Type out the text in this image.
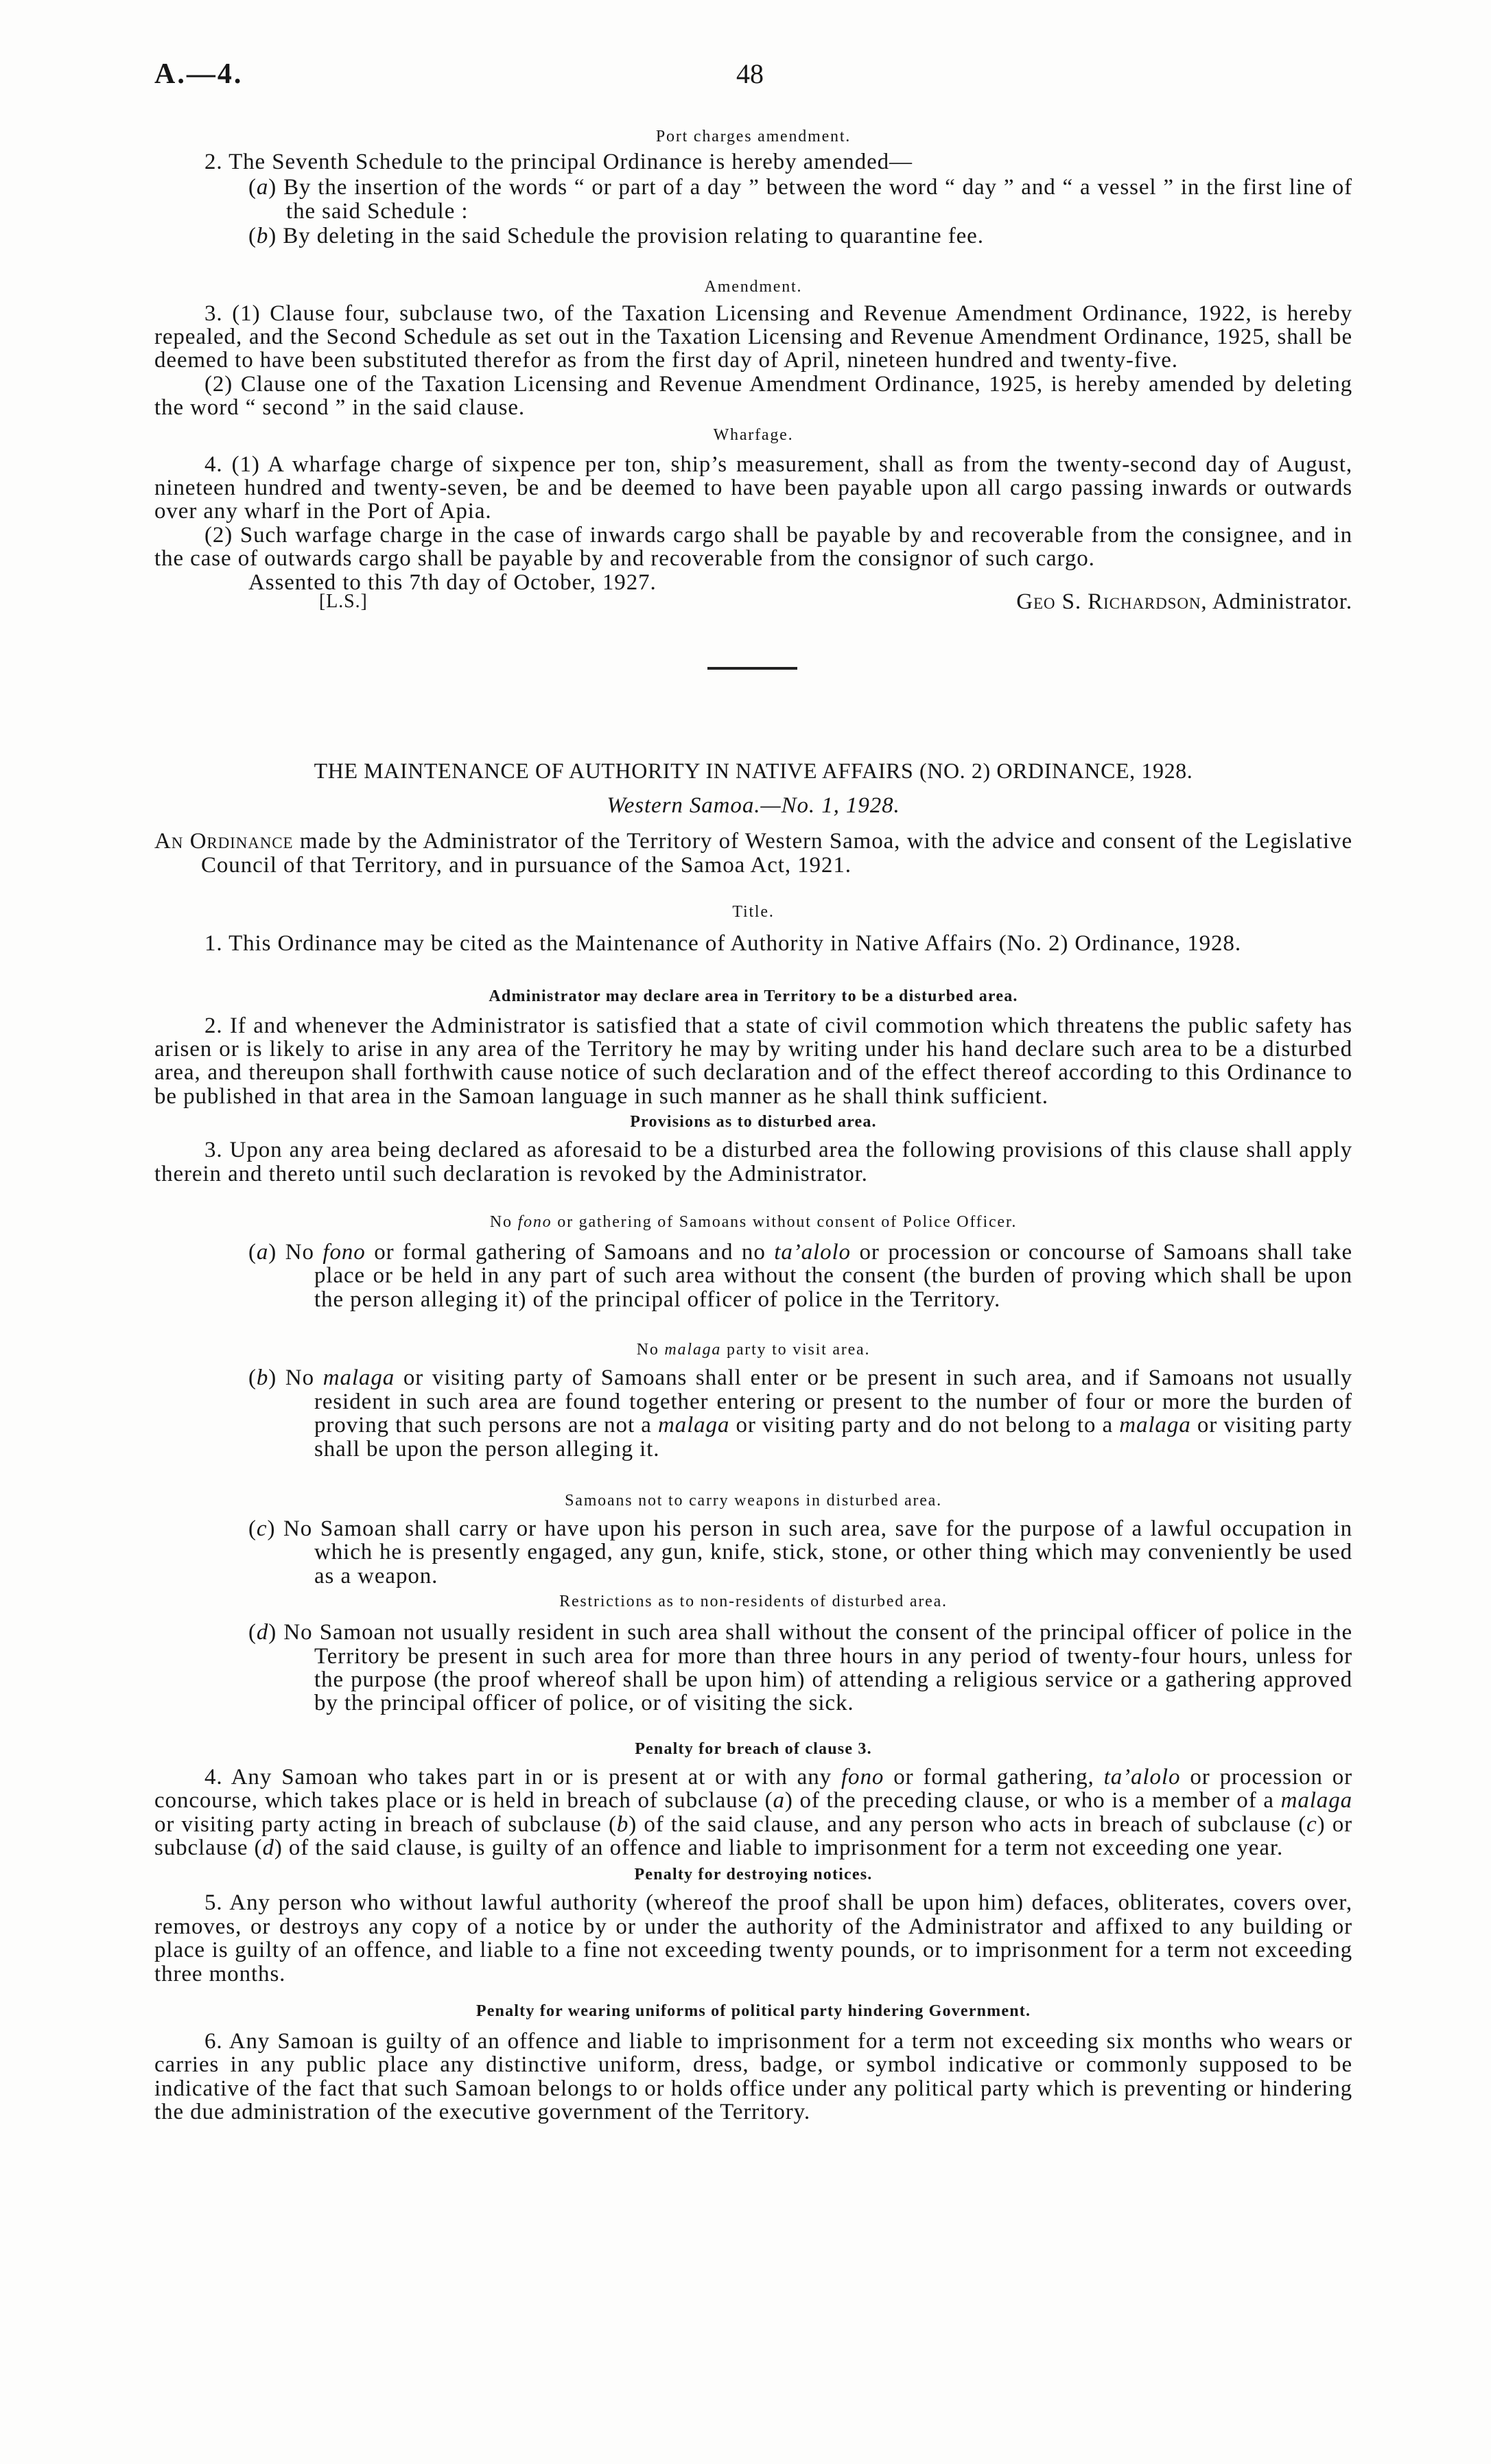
A.—4.	48

Port charges amendment.

2. The Seventh Schedule to the principal Ordinance is hereby amended—

(a) By the insertion of the words “ or part of a day ” between the word “ day ” and “ a vessel ” in the first line of the said Schedule :

(b) By deleting in the said Schedule the provision relating to quarantine fee.

Amendment.

3. (1) Clause four, subclause two, of the Taxation Licensing and Revenue Amendment Ordinance, 1922, is hereby repealed, and the Second Schedule as set out in the Taxation Licensing and Revenue Amendment Ordinance, 1925, shall be deemed to have been substituted therefor as from the first day of April, nineteen hundred and twenty-five.

(2) Clause one of the Taxation Licensing and Revenue Amendment Ordinance, 1925, is hereby amended by deleting the word “ second ” in the said clause.

Wharfage.

4. (1) A wharfage charge of sixpence per ton, ship’s measurement, shall as from the twenty-second day of August, nineteen hundred and twenty-seven, be and be deemed to have been payable upon all cargo passing inwards or outwards over any wharf in the Port of Apia.

(2) Such warfage charge in the case of inwards cargo shall be payable by and recoverable from the consignee, and in the case of outwards cargo shall be payable by and recoverable from the consignor of such cargo.

Assented to this 7th day of October, 1927.

[L.S.]	Geo S. Richardson, Administrator.

THE MAINTENANCE OF AUTHORITY IN NATIVE AFFAIRS (NO. 2) ORDINANCE, 1928.

Western Samoa.—No. 1, 1928.

An Ordinance made by the Administrator of the Territory of Western Samoa, with the advice and consent of the Legislative Council of that Territory, and in pursuance of the Samoa Act, 1921.

Title.

1. This Ordinance may be cited as the Maintenance of Authority in Native Affairs (No. 2) Ordinance, 1928.

Administrator may declare area in Territory to be a disturbed area.

2. If and whenever the Administrator is satisfied that a state of civil commotion which threatens the public safety has arisen or is likely to arise in any area of the Territory he may by writing under his hand declare such area to be a disturbed area, and thereupon shall forthwith cause notice of such declaration and of the effect thereof according to this Ordinance to be published in that area in the Samoan language in such manner as he shall think sufficient.

Provisions as to disturbed area.

3. Upon any area being declared as aforesaid to be a disturbed area the following provisions of this clause shall apply therein and thereto until such declaration is revoked by the Administrator.

No fono or gathering of Samoans without consent of Police Officer.

(a) No fono or formal gathering of Samoans and no ta’alolo or procession or concourse of Samoans shall take place or be held in any part of such area without the consent (the burden of proving which shall be upon the person alleging it) of the principal officer of police in the Territory.

No malaga party to visit area.

(b) No malaga or visiting party of Samoans shall enter or be present in such area, and if Samoans not usually resident in such area are found together entering or present to the number of four or more the burden of proving that such persons are not a malaga or visiting party and do not belong to a malaga or visiting party shall be upon the person alleging it.

Samoans not to carry weapons in disturbed area.

(c) No Samoan shall carry or have upon his person in such area, save for the purpose of a lawful occupation in which he is presently engaged, any gun, knife, stick, stone, or other thing which may conveniently be used as a weapon.

Restrictions as to non-residents of disturbed area.

(d) No Samoan not usually resident in such area shall without the consent of the principal officer of police in the Territory be present in such area for more than three hours in any period of twenty-four hours, unless for the purpose (the proof whereof shall be upon him) of attending a religious service or a gathering approved by the principal officer of police, or of visiting the sick.

Penalty for breach of clause 3.

4. Any Samoan who takes part in or is present at or with any fono or formal gathering, ta’alolo or procession or concourse, which takes place or is held in breach of subclause (a) of the preceding clause, or who is a member of a malaga or visiting party acting in breach of subclause (b) of the said clause, and any person who acts in breach of subclause (c) or subclause (d) of the said clause, is guilty of an offence and liable to imprisonment for a term not exceeding one year.

Penalty for destroying notices.

5. Any person who without lawful authority (whereof the proof shall be upon him) defaces, obliterates, covers over, removes, or destroys any copy of a notice by or under the authority of the Administrator and affixed to any building or place is guilty of an offence, and liable to a fine not exceeding twenty pounds, or to imprisonment for a term not exceeding three months.

Penalty for wearing uniforms of political party hindering Government.

6. Any Samoan is guilty of an offence and liable to imprisonment for a term not exceeding six months who wears or carries in any public place any distinctive uniform, dress, badge, or symbol indicative or commonly supposed to be indicative of the fact that such Samoan belongs to or holds office under any political party which is preventing or hindering the due administration of the executive government of the Territory.
